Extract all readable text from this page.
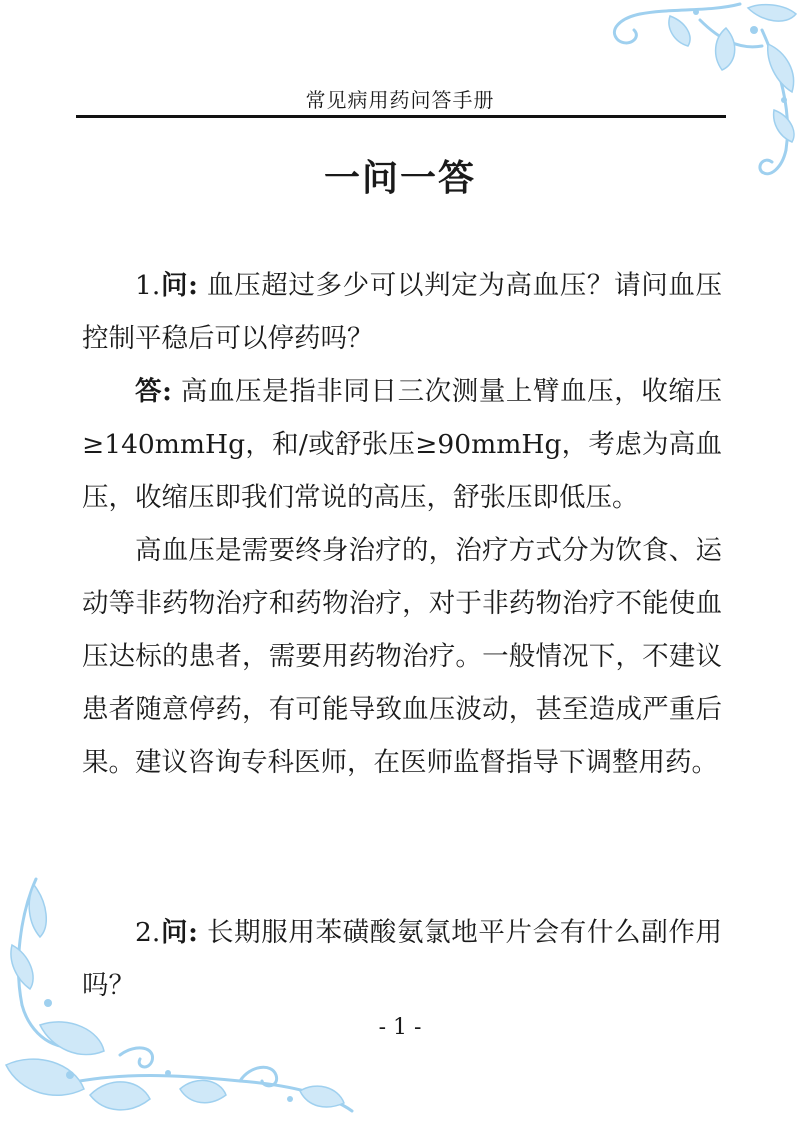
常见病用药问答手册
一问一答

1.问: 血压超过多少可以判定为高血压？请问血压控制平稳后可以停药吗？

答: 高血压是指非同日三次测量上臂血压，收缩压≥140mmHg，和/或舒张压≥90mmHg，考虑为高血压，收缩压即我们常说的高压，舒张压即低压。

高血压是需要终身治疗的，治疗方式分为饮食、运动等非药物治疗和药物治疗，对于非药物治疗不能使血压达标的患者，需要用药物治疗。一般情况下，不建议患者随意停药，有可能导致血压波动，甚至造成严重后果。建议咨询专科医师，在医师监督指导下调整用药。

2.问: 长期服用苯磺酸氨氯地平片会有什么副作用吗？

- 1 -
